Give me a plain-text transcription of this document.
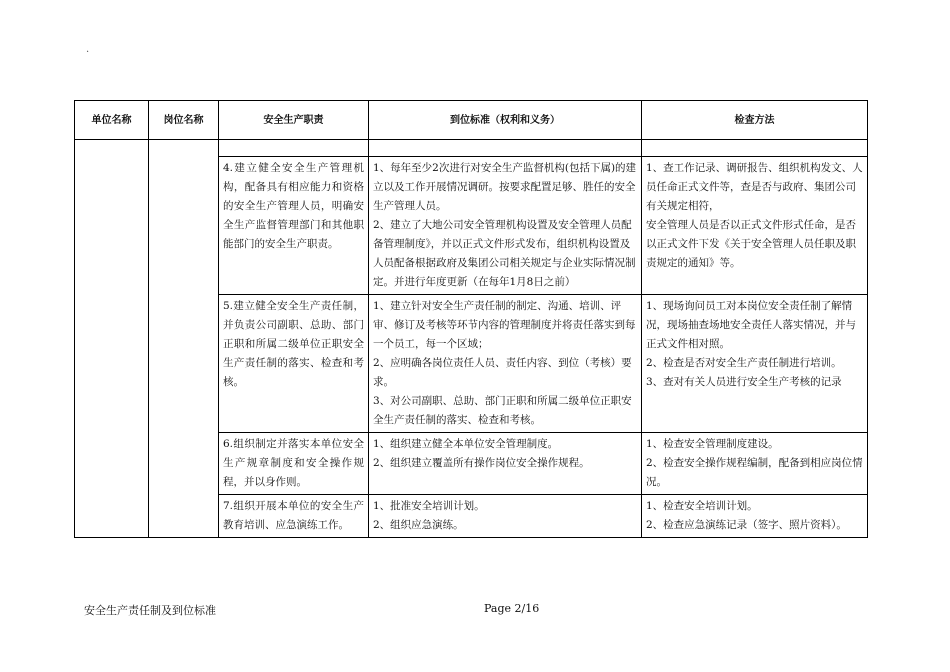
.
单位名称	岗位名称	安全生产职责	到位标准（权利和义务）	检查方法

		4.建立健全安全生产管理机构，配备具有相应能力和资格的安全生产管理人员，明确安全生产监督管理部门和其他职能部门的安全生产职责。	1、每年至少2次进行对安全生产监督机构(包括下属)的建立以及工作开展情况调研。按要求配置足够、胜任的安全生产管理人员。
2、建立了大地公司安全管理机构设置及安全管理人员配备管理制度》，并以正式文件形式发布，组织机构设置及人员配备根据政府及集团公司相关规定与企业实际情况制定。并进行年度更新（在每年1月8日之前）	1、查工作记录、调研报告、组织机构发文、人员任命正式文件等，查是否与政府、集团公司有关规定相符，
安全管理人员是否以正式文件形式任命，是否以正式文件下发《关于安全管理人员任职及职责规定的通知》等。

		5.建立健全安全生产责任制，并负责公司副职、总助、部门正职和所属二级单位正职安全生产责任制的落实、检查和考核。	1、建立针对安全生产责任制的制定、沟通、培训、评审、修订及考核等环节内容的管理制度并将责任落实到每一个员工，每一个区域；
2、应明确各岗位责任人员、责任内容、到位（考核）要求。
3、对公司副职、总助、部门正职和所属二级单位正职安全生产责任制的落实、检查和考核。	1、现场询问员工对本岗位安全责任制了解情况，现场抽查场地安全责任人落实情况，并与正式文件相对照。
2、检查是否对安全生产责任制进行培训。
3、查对有关人员进行安全生产考核的记录

		6.组织制定并落实本单位安全生产规章制度和安全操作规程，并以身作则。	1、组织建立健全本单位安全管理制度。
2、组织建立覆盖所有操作岗位安全操作规程。	1、检查安全管理制度建设。
2、检查安全操作规程编制，配备到相应岗位情况。

		7.组织开展本单位的安全生产教育培训、应急演练工作。	1、批准安全培训计划。
2、组织应急演练。	1、检查安全培训计划。
2、检查应急演练记录（签字、照片资料）。
安全生产责任制及到位标准	Page 2/16
